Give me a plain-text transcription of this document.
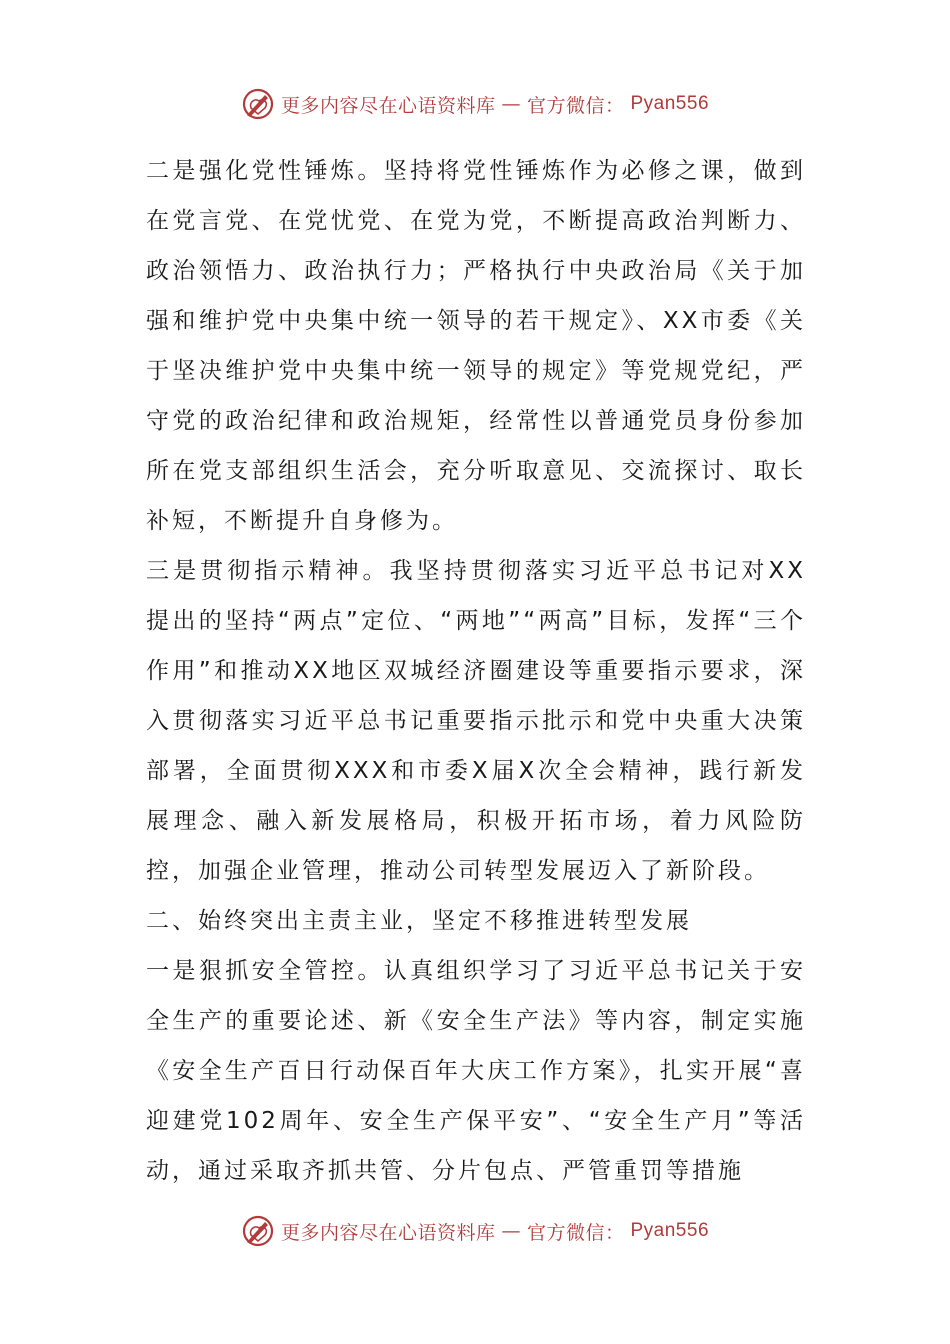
更多内容尽在心语资料库 — 官方微信： Pyan556

二是强化党性锤炼。坚持将党性锤炼作为必修之课，做到在党言党、在党忧党、在党为党，不断提高政治判断力、政治领悟力、政治执行力；严格执行中央政治局《关于加强和维护党中央集中统一领导的若干规定》、XX市委《关于坚决维护党中央集中统一领导的规定》等党规党纪，严守党的政治纪律和政治规矩，经常性以普通党员身份参加所在党支部组织生活会，充分听取意见、交流探讨、取长补短，不断提升自身修为。

三是贯彻指示精神。我坚持贯彻落实习近平总书记对XX提出的坚持“两点”定位、“两地”“两高”目标，发挥“三个作用”和推动XX地区双城经济圈建设等重要指示要求，深入贯彻落实习近平总书记重要指示批示和党中央重大决策部署，全面贯彻XXX和市委X届X次全会精神，践行新发展理念、融入新发展格局，积极开拓市场，着力风险防控，加强企业管理，推动公司转型发展迈入了新阶段。

二、始终突出主责主业，坚定不移推进转型发展

一是狠抓安全管控。认真组织学习了习近平总书记关于安全生产的重要论述、新《安全生产法》等内容，制定实施《安全生产百日行动保百年大庆工作方案》，扎实开展“喜迎建党102周年、安全生产保平安”、“安全生产月”等活动，通过采取齐抓共管、分片包点、严管重罚等措施

更多内容尽在心语资料库 — 官方微信： Pyan556
